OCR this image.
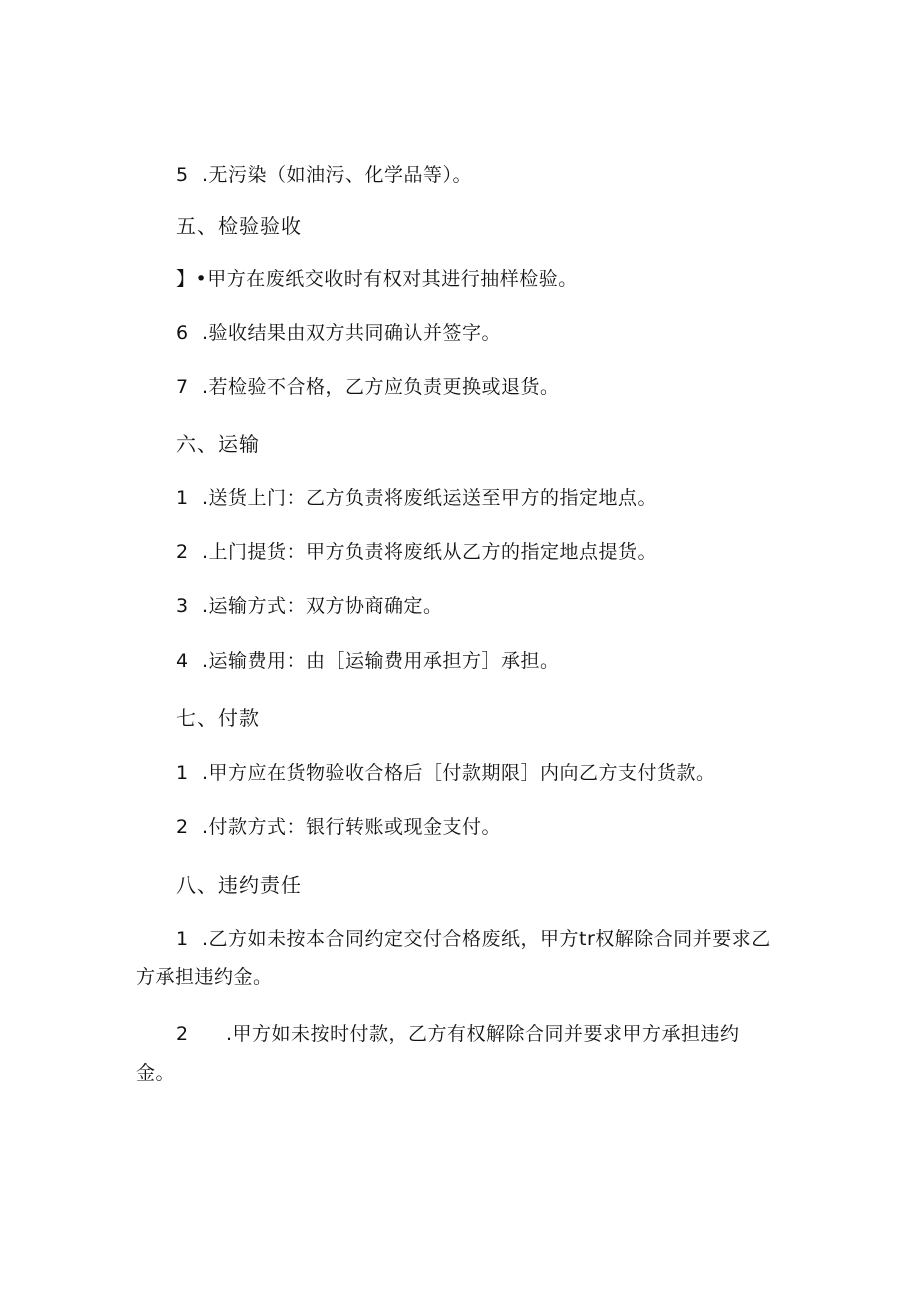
5 .无污染（如油污、化学品等）。
五、检验验收
】•甲方在废纸交收时有权对其进行抽样检验。
6 .验收结果由双方共同确认并签字。
7 .若检验不合格，乙方应负责更换或退货。
六、运输
1 .送货上门：乙方负责将废纸运送至甲方的指定地点。
2 .上门提货：甲方负责将废纸从乙方的指定地点提货。
3 .运输方式：双方协商确定。
4 .运输费用：由［运输费用承担方］承担。
七、付款
1 .甲方应在货物验收合格后［付款期限］内向乙方支付货款。
2 .付款方式：银行转账或现金支付。
八、违约责任
1 .乙方如未按本合同约定交付合格废纸，甲方tr权解除合同并要求乙
方承担违约金。
2 .甲方如未按时付款，乙方有权解除合同并要求甲方承担违约
金。
